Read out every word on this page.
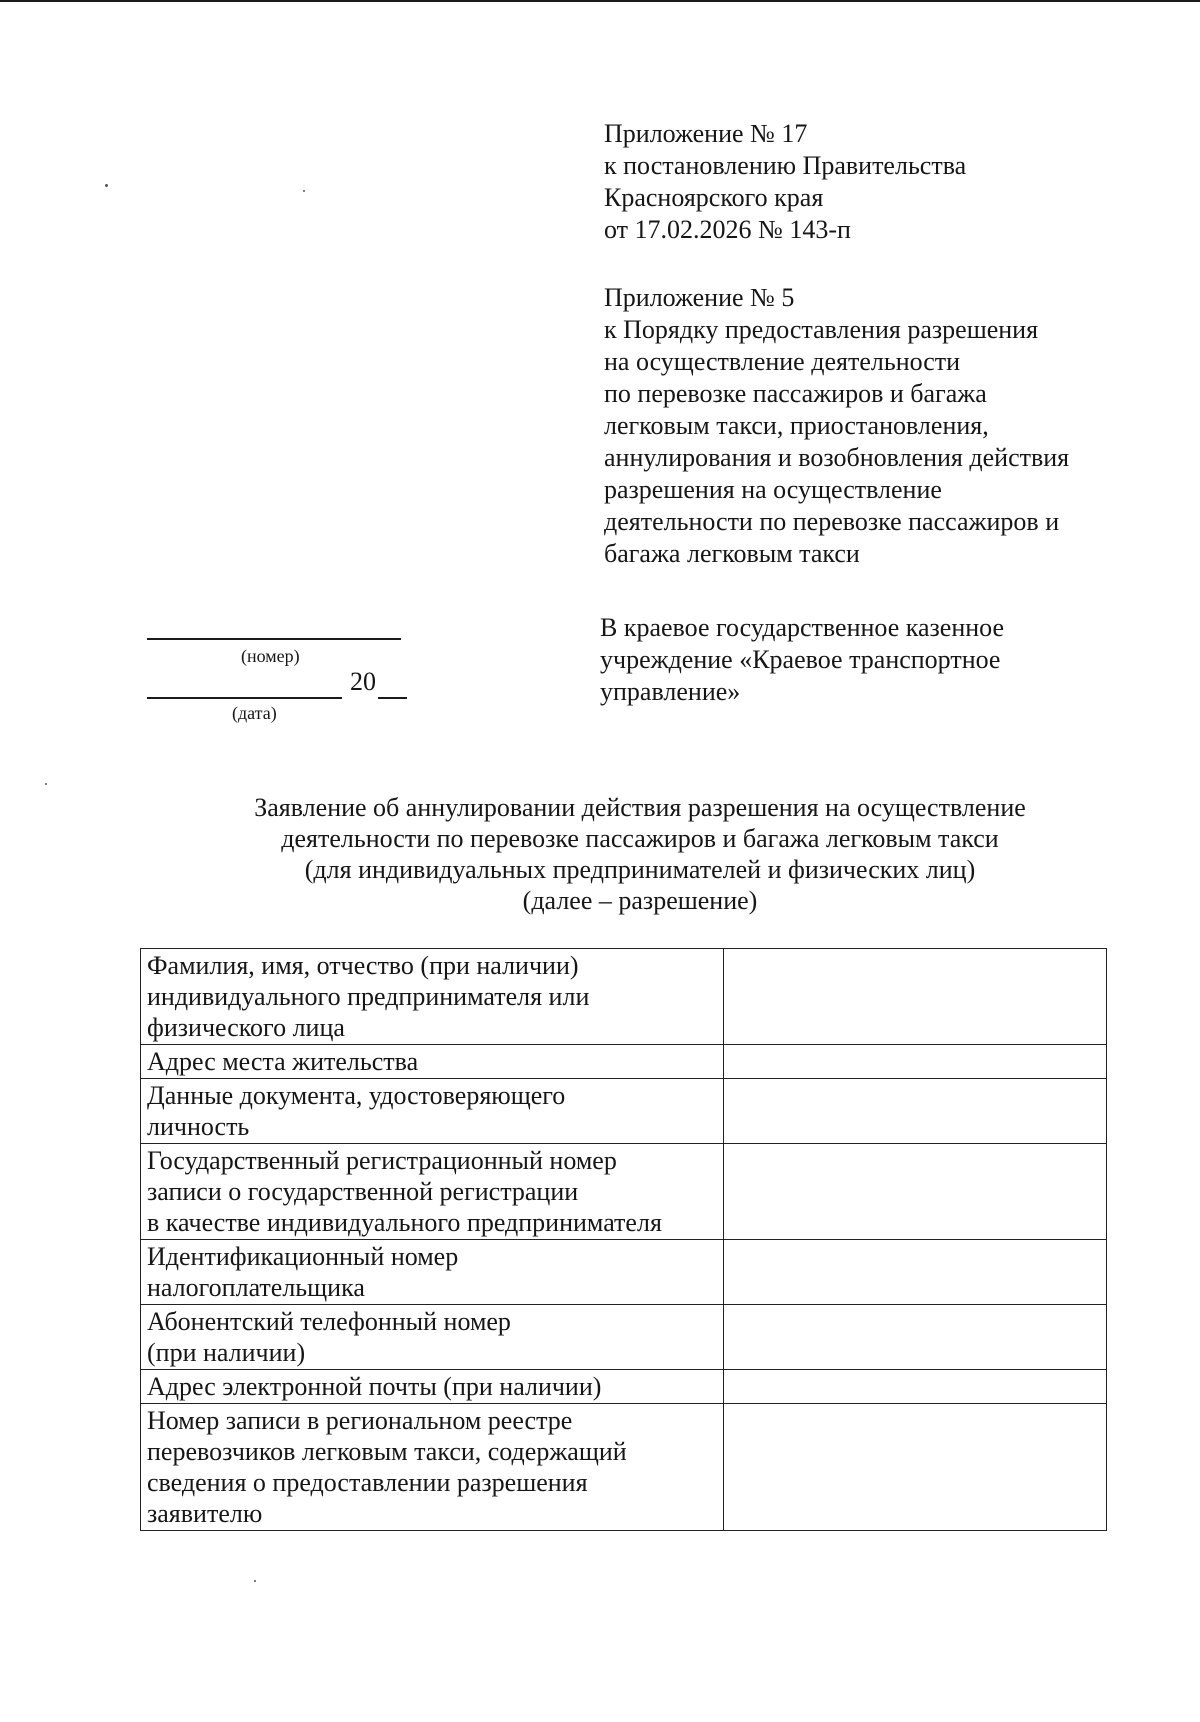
Приложение № 17
к постановлению Правительства
Красноярского края
от 17.02.2026 № 143-п
Приложение № 5
к Порядку предоставления разрешения
на осуществление деятельности
по перевозке пассажиров и багажа
легковым такси, приостановления,
аннулирования и возобновления действия
разрешения на осуществление
деятельности по перевозке пассажиров и
багажа легковым такси
В краевое государственное казенное
учреждение «Краевое транспортное
управление»
(номер)
20
(дата)
Заявление об аннулировании действия разрешения на осуществление
деятельности по перевозке пассажиров и багажа легковым такси
(для индивидуальных предпринимателей и физических лиц)
(далее – разрешение)
Фамилия, имя, отчество (при наличии)
индивидуального предпринимателя или
физического лица	

Адрес места жительства	

Данные документа, удостоверяющего
личность	

Государственный регистрационный номер
записи о государственной регистрации
в качестве индивидуального предпринимателя	

Идентификационный номер
налогоплательщика	

Абонентский телефонный номер
(при наличии)	

Адрес электронной почты (при наличии)	

Номер записи в региональном реестре
перевозчиков легковым такси, содержащий
сведения о предоставлении разрешения
заявителю	
